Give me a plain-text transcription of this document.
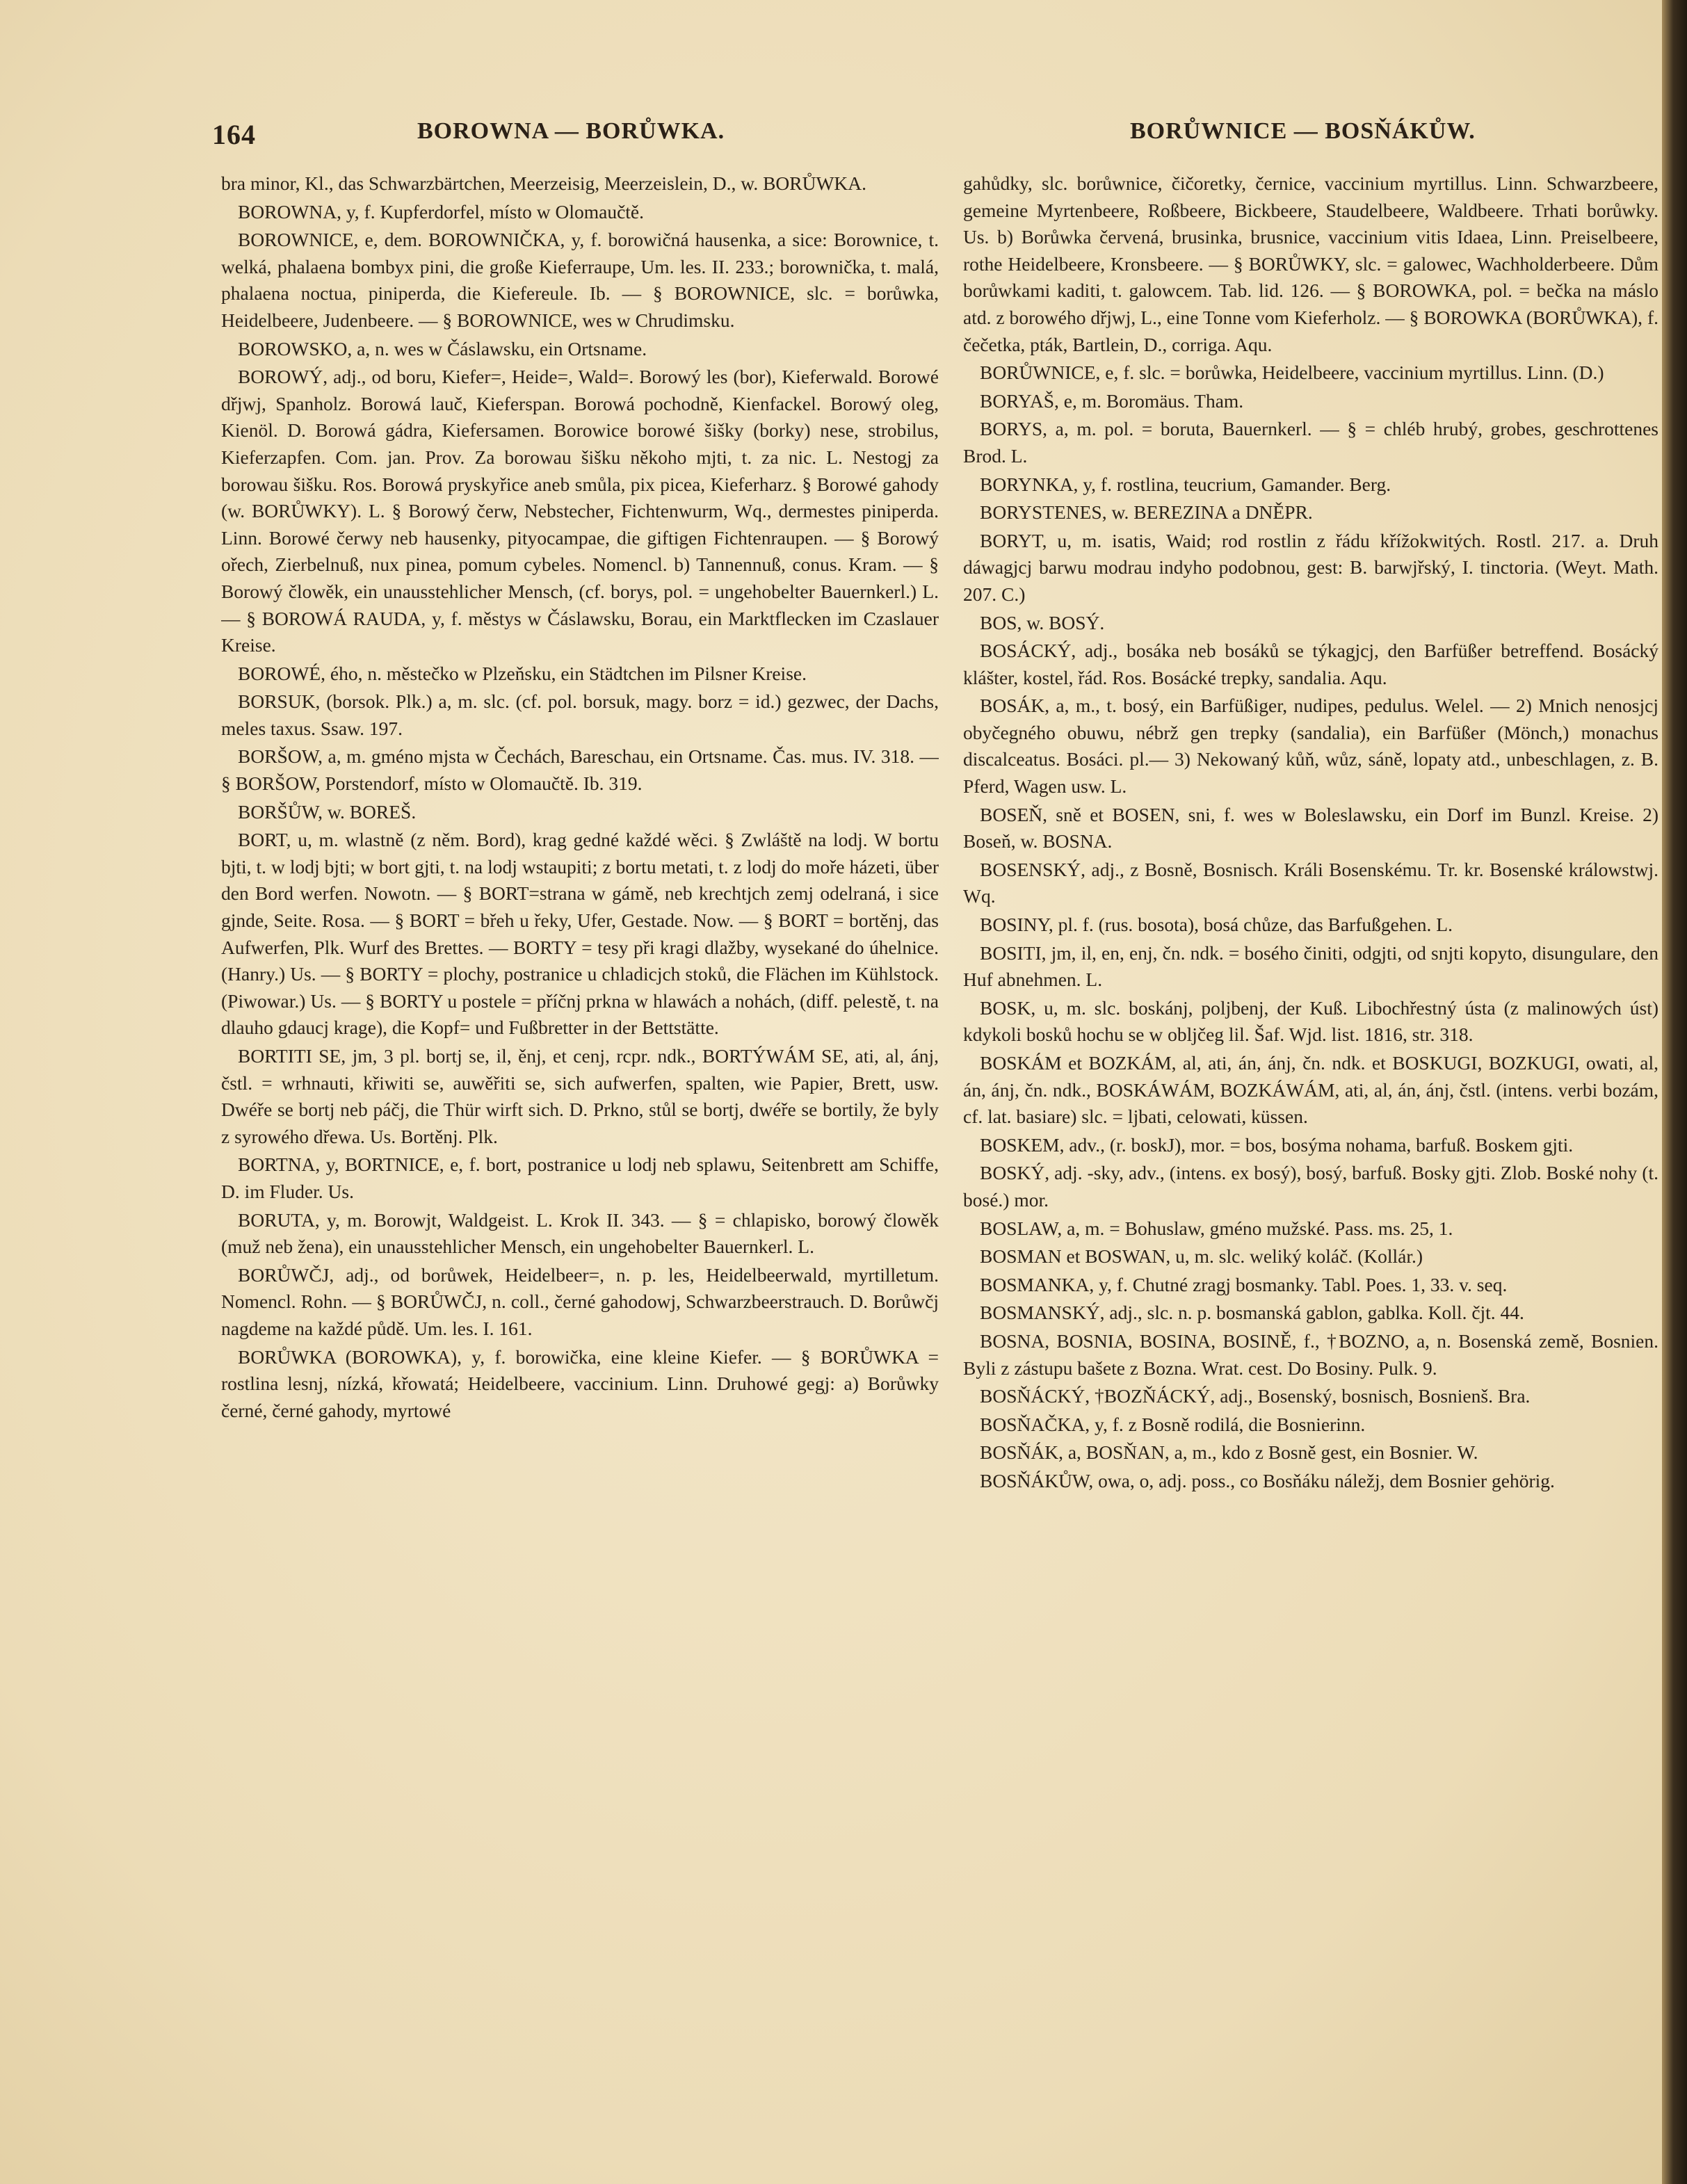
164	BOROWNA — BORŮWKA.	BORŮWNICE — BOSŇÁKŮW.

bra minor, Kl., das Schwarzbärtchen, Meerzeisig, Meerzeislein, D., w. BORŮWKA.

BOROWNA, y, f. Kupferdorfel, místo w Olomaučtě.

BOROWNICE, e, dem. BOROWNIČKA, y, f. borowičná hausenka, a sice: Borownice, t. welká, phalaena bombyx pini, die große Kieferraupe, Um. les. II. 233.; borownička, t. malá, phalaena noctua, piniperda, die Kiefereule. Ib. — § BOROWNICE, slc. = borůwka, Heidelbeere, Judenbeere. — § BOROWNICE, wes w Chrudimsku.

BOROWSKO, a, n. wes w Čáslawsku, ein Ortsname.

BOROWÝ, adj., od boru, Kiefer=, Heide=, Wald=. Borowý les (bor), Kieferwald. Borowé dřjwj, Spanholz. Borowá lauč, Kieferspan. Borowá pochodně, Kienfackel. Borowý oleg, Kienöl. D. Borowá gádra, Kiefersamen. Borowice borowé šišky (borky) nese, strobilus, Kieferzapfen. Com. jan. Prov. Za borowau šišku někoho mjti, t. za nic. L. Nestogj za borowau šišku. Ros. Borowá pryskyřice aneb smůla, pix picea, Kieferharz. § Borowé gahody (w. BORŮWKY). L. § Borowý čerw, Nebstecher, Fichtenwurm, Wq., dermestes piniperda. Linn. Borowé čerwy neb hausenky, pityocampae, die giftigen Fichtenraupen. — § Borowý ořech, Zierbelnuß, nux pinea, pomum cybeles. Nomencl. b) Tannennuß, conus. Kram. — § Borowý člowěk, ein unausstehlicher Mensch, (cf. borys, pol. = ungehobelter Bauernkerl.) L. — § BOROWÁ RAUDA, y, f. městys w Čáslawsku, Borau, ein Marktflecken im Czaslauer Kreise.

BOROWÉ, ého, n. městečko w Plzeňsku, ein Städtchen im Pilsner Kreise.

BORSUK, (borsok. Plk.) a, m. slc. (cf. pol. borsuk, magy. borz = id.) gezwec, der Dachs, meles taxus. Ssaw. 197.

BORŠOW, a, m. gméno mjsta w Čechách, Bareschau, ein Ortsname. Čas. mus. IV. 318. — § BORŠOW, Porstendorf, místo w Olomaučtě. Ib. 319.

BORŠŮW, w. BOREŠ.

BORT, u, m. wlastně (z něm. Bord), krag gedné každé wěci. § Zwláště na lodj. W bortu bjti, t. w lodj bjti; w bort gjti, t. na lodj wstaupiti; z bortu metati, t. z lodj do moře házeti, über den Bord werfen. Nowotn. — § BORT=strana w gámě, neb krechtjch zemj odelraná, i sice gjnde, Seite. Rosa. — § BORT = břeh u řeky, Ufer, Gestade. Now. — § BORT = bortěnj, das Aufwerfen, Plk. Wurf des Brettes. — BORTY = tesy při kragi dlažby, wysekané do úhelnice. (Hanry.) Us. — § BORTY = plochy, postranice u chladicjch stoků, die Flächen im Kühlstock. (Piwowar.) Us. — § BORTY u postele = příčnj prkna w hlawách a nohách, (diff. pelestě, t. na dlauho gdaucj krage), die Kopf= und Fußbretter in der Bettstätte.

BORTITI SE, jm, 3 pl. bortj se, il, ěnj, et cenj, rcpr. ndk., BORTÝWÁM SE, ati, al, ánj, čstl. = wrhnauti, křiwiti se, auwěřiti se, sich aufwerfen, spalten, wie Papier, Brett, usw. Dwéře se bortj neb páčj, die Thür wirft sich. D. Prkno, stůl se bortj, dwéře se bortily, že byly z syrowého dřewa. Us. Bortěnj. Plk.

BORTNA, y, BORTNICE, e, f. bort, postranice u lodj neb splawu, Seitenbrett am Schiffe, D. im Fluder. Us.

BORUTA, y, m. Borowjt, Waldgeist. L. Krok II. 343. — § = chlapisko, borowý člowěk (muž neb žena), ein unausstehlicher Mensch, ein ungehobelter Bauernkerl. L.

BORŮWČJ, adj., od borůwek, Heidelbeer=, n. p. les, Heidelbeerwald, myrtilletum. Nomencl. Rohn. — § BORŮWČJ, n. coll., černé gahodowj, Schwarzbeerstrauch. D. Borůwčj nagdeme na každé půdě. Um. les. I. 161.

BORŮWKA (BOROWKA), y, f. borowička, eine kleine Kiefer. — § BORŮWKA = rostlina lesnj, nízká, křowatá; Heidelbeere, vaccinium. Linn. Druhowé gegj: a) Borůwky černé, černé gahody, myrtowé

gahůdky, slc. borůwnice, čičoretky, černice, vaccinium myrtillus. Linn. Schwarzbeere, gemeine Myrtenbeere, Roßbeere, Bickbeere, Staudelbeere, Waldbeere. Trhati borůwky. Us. b) Borůwka červená, brusinka, brusnice, vaccinium vitis Idaea, Linn. Preiselbeere, rothe Heidelbeere, Kronsbeere. — § BORŮWKY, slc. = galowec, Wachholderbeere. Dům borůwkami kaditi, t. galowcem. Tab. lid. 126. — § BOROWKA, pol. = bečka na máslo atd. z borowého dřjwj, L., eine Tonne vom Kieferholz. — § BOROWKA (BORŮWKA), f. čečetka, pták, Bartlein, D., corriga. Aqu.

BORŮWNICE, e, f. slc. = borůwka, Heidelbeere, vaccinium myrtillus. Linn. (D.)

BORYAŠ, e, m. Boromäus. Tham.

BORYS, a, m. pol. = boruta, Bauernkerl. — § = chléb hrubý, grobes, geschrottenes Brod. L.

BORYNKA, y, f. rostlina, teucrium, Gamander. Berg.

BORYSTENES, w. BEREZINA a DNĚPR.

BORYT, u, m. isatis, Waid; rod rostlin z řádu křížokwitých. Rostl. 217. a. Druh dáwagjcj barwu modrau indyho podobnou, gest: B. barwjřský, I. tinctoria. (Weyt. Math. 207. C.)

BOS, w. BOSÝ.

BOSÁCKÝ, adj., bosáka neb bosáků se týkagjcj, den Barfüßer betreffend. Bosácký klášter, kostel, řád. Ros. Bosácké trepky, sandalia. Aqu.

BOSÁK, a, m., t. bosý, ein Barfüßiger, nudipes, pedulus. Welel. — 2) Mnich nenosjcj obyčegného obuwu, nébrž gen trepky (sandalia), ein Barfüßer (Mönch,) monachus discalceatus. Bosáci. pl.— 3) Nekowaný kůň, wůz, sáně, lopaty atd., unbeschlagen, z. B. Pferd, Wagen usw. L.

BOSEŇ, sně et BOSEN, sni, f. wes w Boleslawsku, ein Dorf im Bunzl. Kreise. 2) Boseň, w. BOSNA.

BOSENSKÝ, adj., z Bosně, Bosnisch. Králi Bosenskému. Tr. kr. Bosenské králowstwj. Wq.

BOSINY, pl. f. (rus. bosota), bosá chůze, das Barfußgehen. L.

BOSITI, jm, il, en, enj, čn. ndk. = bosého činiti, odgjti, od snjti kopyto, disungulare, den Huf abnehmen. L.

BOSK, u, m. slc. boskánj, poljbenj, der Kuß. Libochřestný ústa (z malinowých úst) kdykoli bosků hochu se w obljčeg lil. Šaf. Wjd. list. 1816, str. 318.

BOSKÁM et BOZKÁM, al, ati, án, ánj, čn. ndk. et BOSKUGI, BOZKUGI, owati, al, án, ánj, čn. ndk., BOSKÁWÁM, BOZKÁWÁM, ati, al, án, ánj, čstl. (intens. verbi bozám, cf. lat. basiare) slc. = ljbati, celowati, küssen.

BOSKEM, adv., (r. boskJ), mor. = bos, bosýma nohama, barfuß. Boskem gjti.

BOSKÝ, adj. -sky, adv., (intens. ex bosý), bosý, barfuß. Bosky gjti. Zlob. Boské nohy (t. bosé.) mor.

BOSLAW, a, m. = Bohuslaw, gméno mužské. Pass. ms. 25, 1.

BOSMAN et BOSWAN, u, m. slc. weliký koláč. (Kollár.)

BOSMANKA, y, f. Chutné zragj bosmanky. Tabl. Poes. 1, 33. v. seq.

BOSMANSKÝ, adj., slc. n. p. bosmanská gablon, gablka. Koll. čjt. 44.

BOSNA, BOSNIA, BOSINA, BOSINĚ, f., †BOZNO, a, n. Bosenská země, Bosnien. Byli z zástupu bašete z Bozna. Wrat. cest. Do Bosiny. Pulk. 9.

BOSŇÁCKÝ, †BOZŇÁCKÝ, adj., Bosenský, bosnisch, Bosnienš. Bra.

BOSŇAČKA, y, f. z Bosně rodilá, die Bosnierinn.

BOSŇÁK, a, BOSŇAN, a, m., kdo z Bosně gest, ein Bosnier. W.

BOSŇÁKŮW, owa, o, adj. poss., co Bosňáku náležj, dem Bosnier gehörig.
